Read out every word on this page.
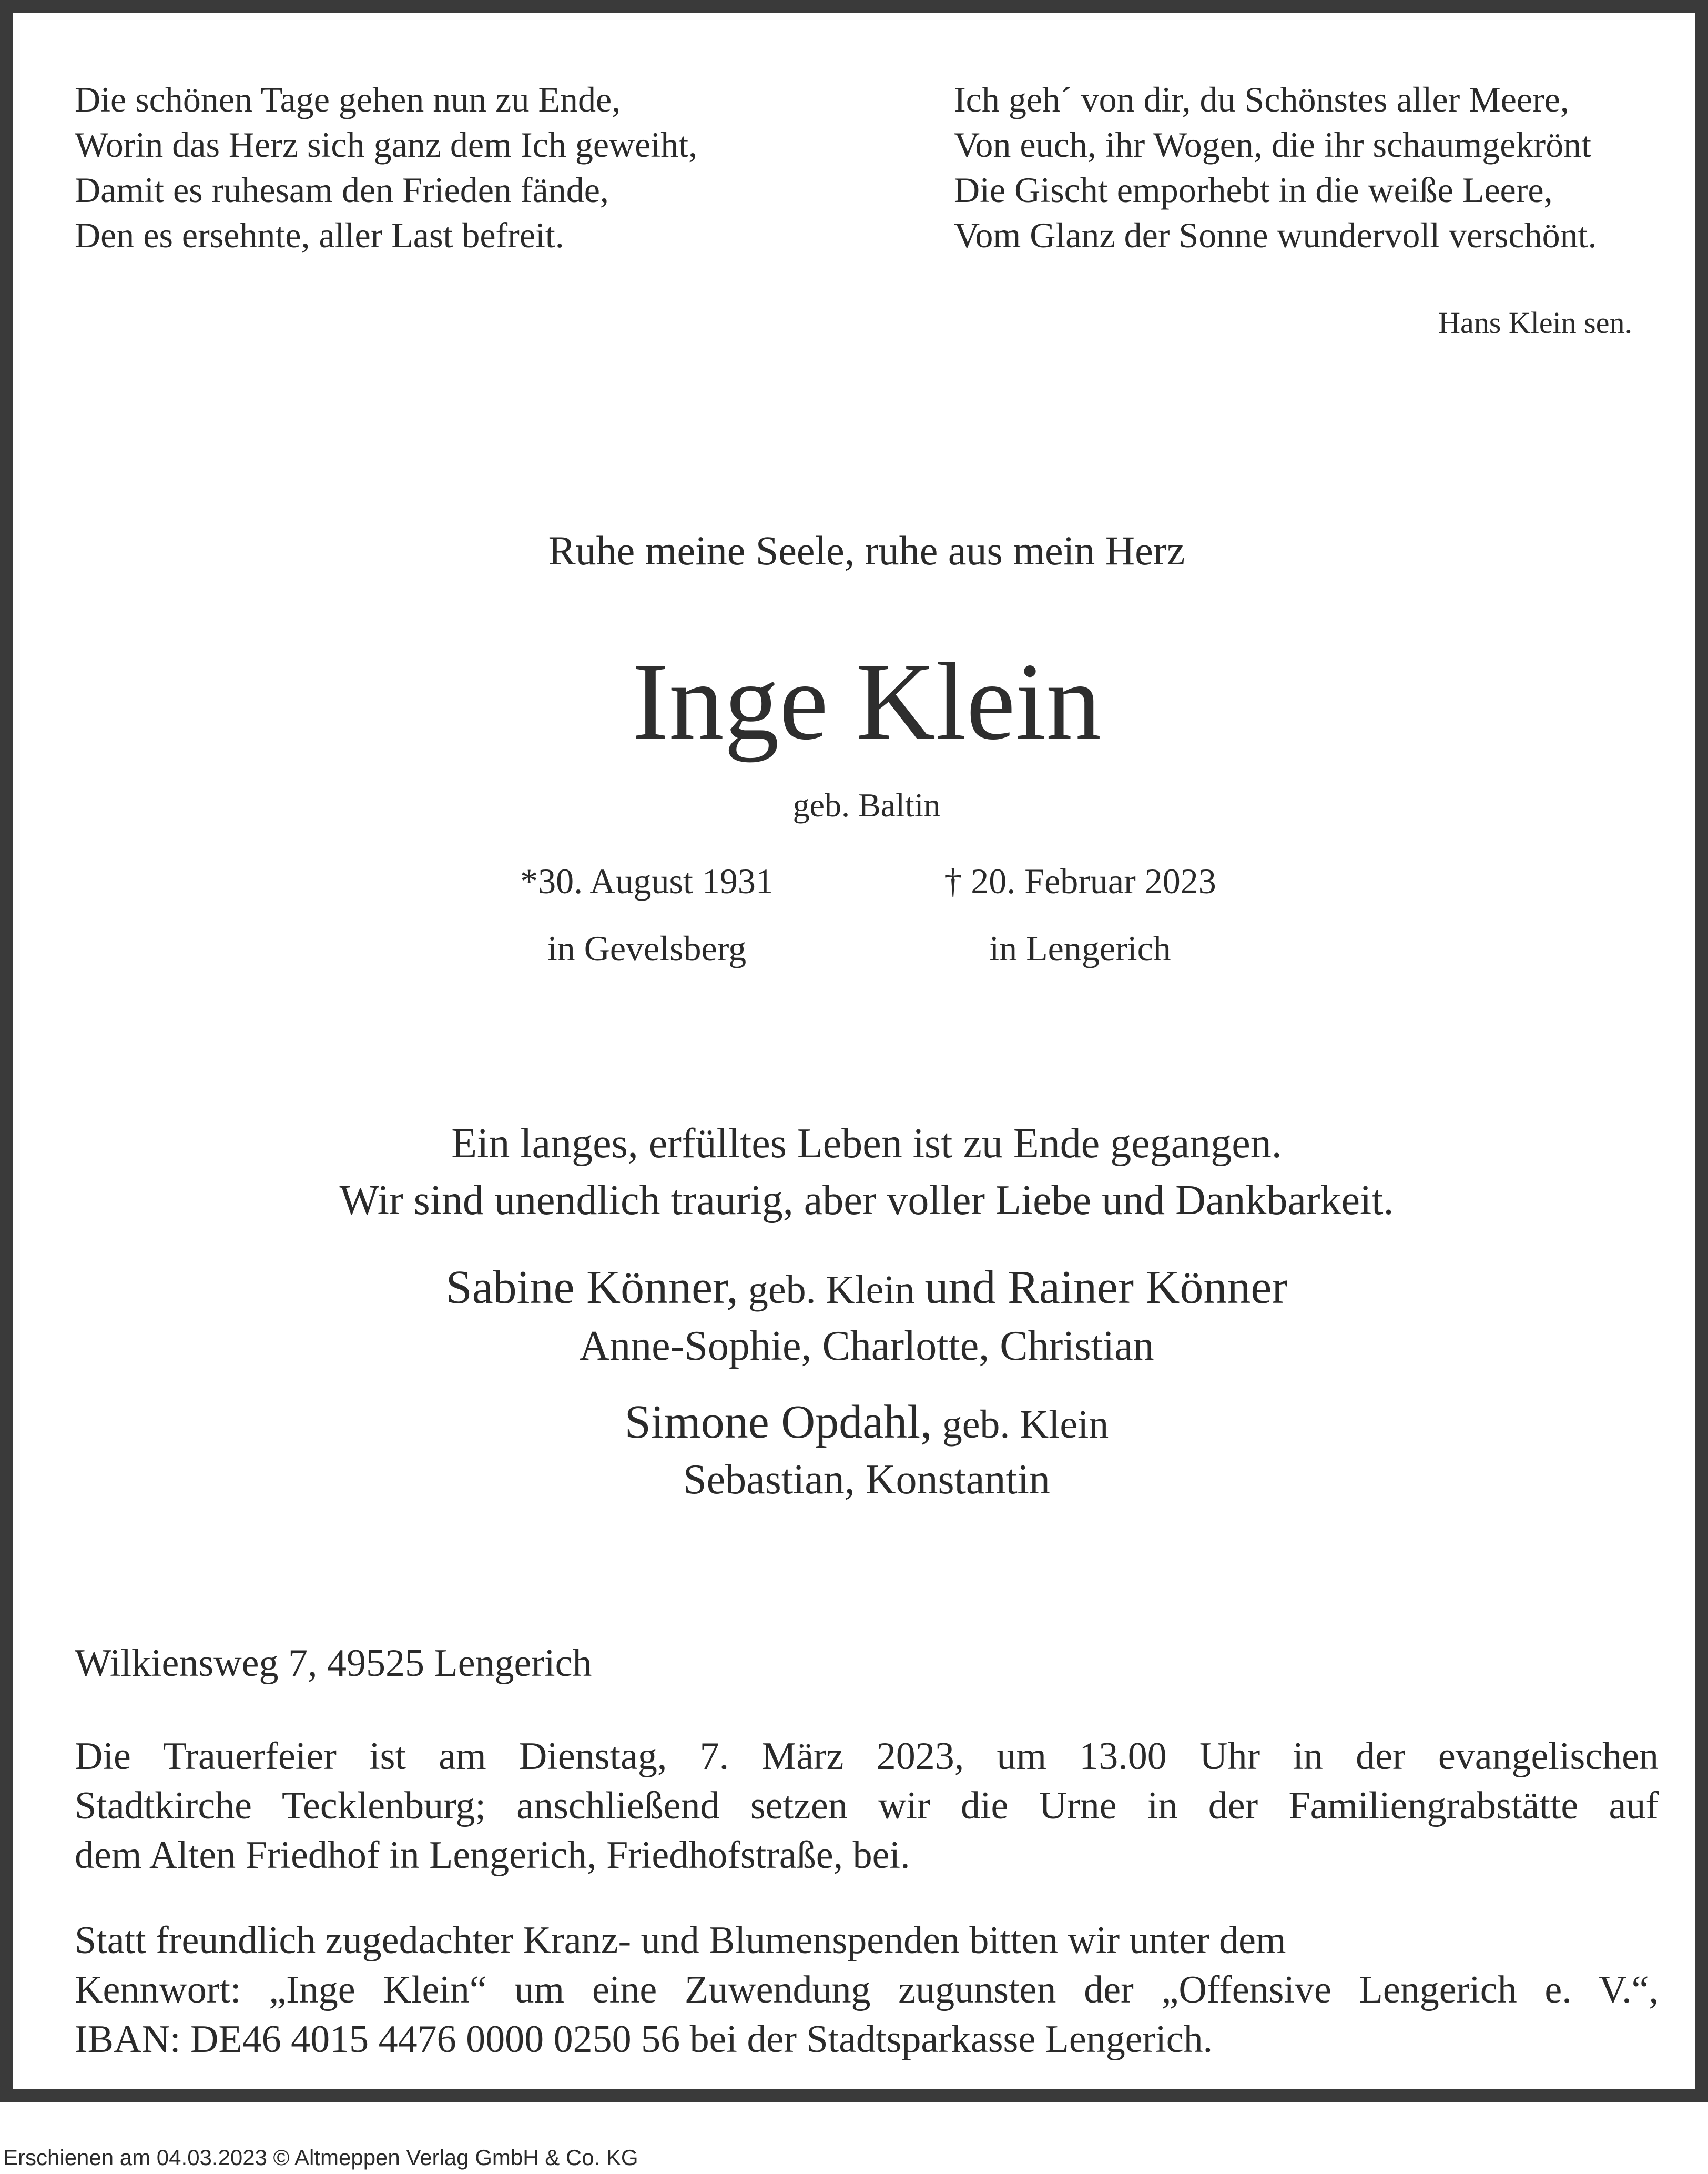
Die schönen Tage gehen nun zu Ende,
Worin das Herz sich ganz dem Ich geweiht,
Damit es ruhesam den Frieden fände,
Den es ersehnte, aller Last befreit.
Ich geh´ von dir, du Schönstes aller Meere,
Von euch, ihr Wogen, die ihr schaumgekrönt
Die Gischt emporhebt in die weiße Leere,
Vom Glanz der Sonne wundervoll verschönt.
Hans Klein sen.
Ruhe meine Seele, ruhe aus mein Herz
Inge Klein
geb. Baltin
*30. August 1931	† 20. Februar 2023
in Gevelsberg	in Lengerich
Ein langes, erfülltes Leben ist zu Ende gegangen.
Wir sind unendlich traurig, aber voller Liebe und Dankbarkeit.
Sabine Könner, geb. Klein und Rainer Könner
Anne-Sophie, Charlotte, Christian
Simone Opdahl, geb. Klein
Sebastian, Konstantin
Wilkiensweg 7, 49525 Lengerich
Die Trauerfeier ist am Dienstag, 7. März 2023, um 13.00 Uhr in der evangelischen
Stadtkirche Tecklenburg; anschließend setzen wir die Urne in der Familiengrabstätte auf
dem Alten Friedhof in Lengerich, Friedhofstraße, bei.
Statt freundlich zugedachter Kranz- und Blumenspenden bitten wir unter dem
Kennwort: „Inge Klein“ um eine Zuwendung zugunsten der „Offensive Lengerich e. V.“,
IBAN: DE46 4015 4476 0000 0250 56 bei der Stadtsparkasse Lengerich.
Erschienen am 04.03.2023 © Altmeppen Verlag GmbH & Co. KG
